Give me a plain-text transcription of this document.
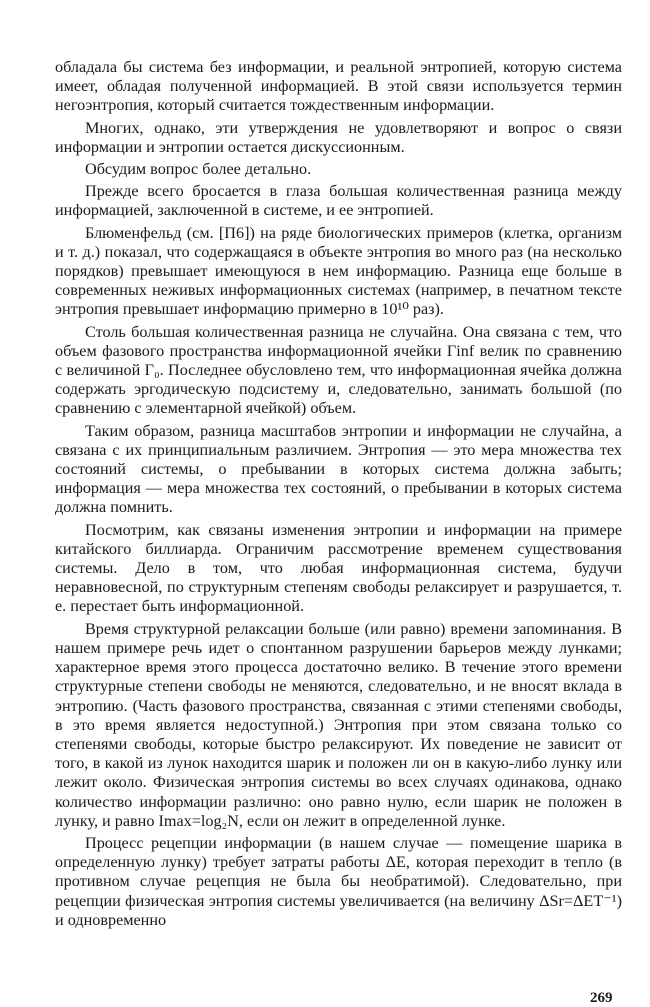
обладала бы система без информации, и реальной энтропией, которую система имеет, обладая полученной информацией. В этой связи используется термин негоэнтропия, который считается тождественным информации.

Многих, однако, эти утверждения не удовлетворяют и вопрос о связи информации и энтропии остается дискуссионным.

Обсудим вопрос более детально.

Прежде всего бросается в глаза большая количественная разница между информацией, заключенной в системе, и ее энтропией.

Блюменфельд (см. [П6]) на ряде биологических примеров (клетка, организм и т. д.) показал, что содержащаяся в объекте энтропия во много раз (на несколько порядков) превышает имеющуюся в нем информацию. Разница еще больше в современных неживых информационных системах (например, в печатном тексте энтропия превышает информацию примерно в 10¹⁰ раз).

Столь большая количественная разница не случайна. Она связана с тем, что объем фазового пространства информационной ячейки Γinf велик по сравнению с величиной Γ₀. Последнее обусловлено тем, что информационная ячейка должна содержать эргодическую подсистему и, следовательно, занимать большой (по сравнению с элементарной ячейкой) объем.

Таким образом, разница масштабов энтропии и информации не случайна, а связана с их принципиальным различием. Энтропия — это мера множества тех состояний системы, о пребывании в которых система должна забыть; информация — мера множества тех состояний, о пребывании в которых система должна помнить.

Посмотрим, как связаны изменения энтропии и информации на примере китайского биллиарда. Ограничим рассмотрение временем существования системы. Дело в том, что любая информационная система, будучи неравновесной, по структурным степеням свободы релаксирует и разрушается, т. е. перестает быть информационной.

Время структурной релаксации больше (или равно) времени запоминания. В нашем примере речь идет о спонтанном разрушении барьеров между лунками; характерное время этого процесса достаточно велико. В течение этого времени структурные степени свободы не меняются, следовательно, и не вносят вклада в энтропию. (Часть фазового пространства, связанная с этими степенями свободы, в это время является недоступной.) Энтропия при этом связана только со степенями свободы, которые быстро релаксируют. Их поведение не зависит от того, в какой из лунок находится шарик и положен ли он в какую-либо лунку или лежит около. Физическая энтропия системы во всех случаях одинакова, однако количество информации различно: оно равно нулю, если шарик не положен в лунку, и равно Imax=log₂N, если он лежит в определенной лунке.

Процесс рецепции информации (в нашем случае — помещение шарика в определенную лунку) требует затраты работы ΔE, которая переходит в тепло (в противном случае рецепция не была бы необратимой). Следовательно, при рецепции физическая энтропия системы увеличивается (на величину ΔSr=ΔET⁻¹) и одновременно

269
